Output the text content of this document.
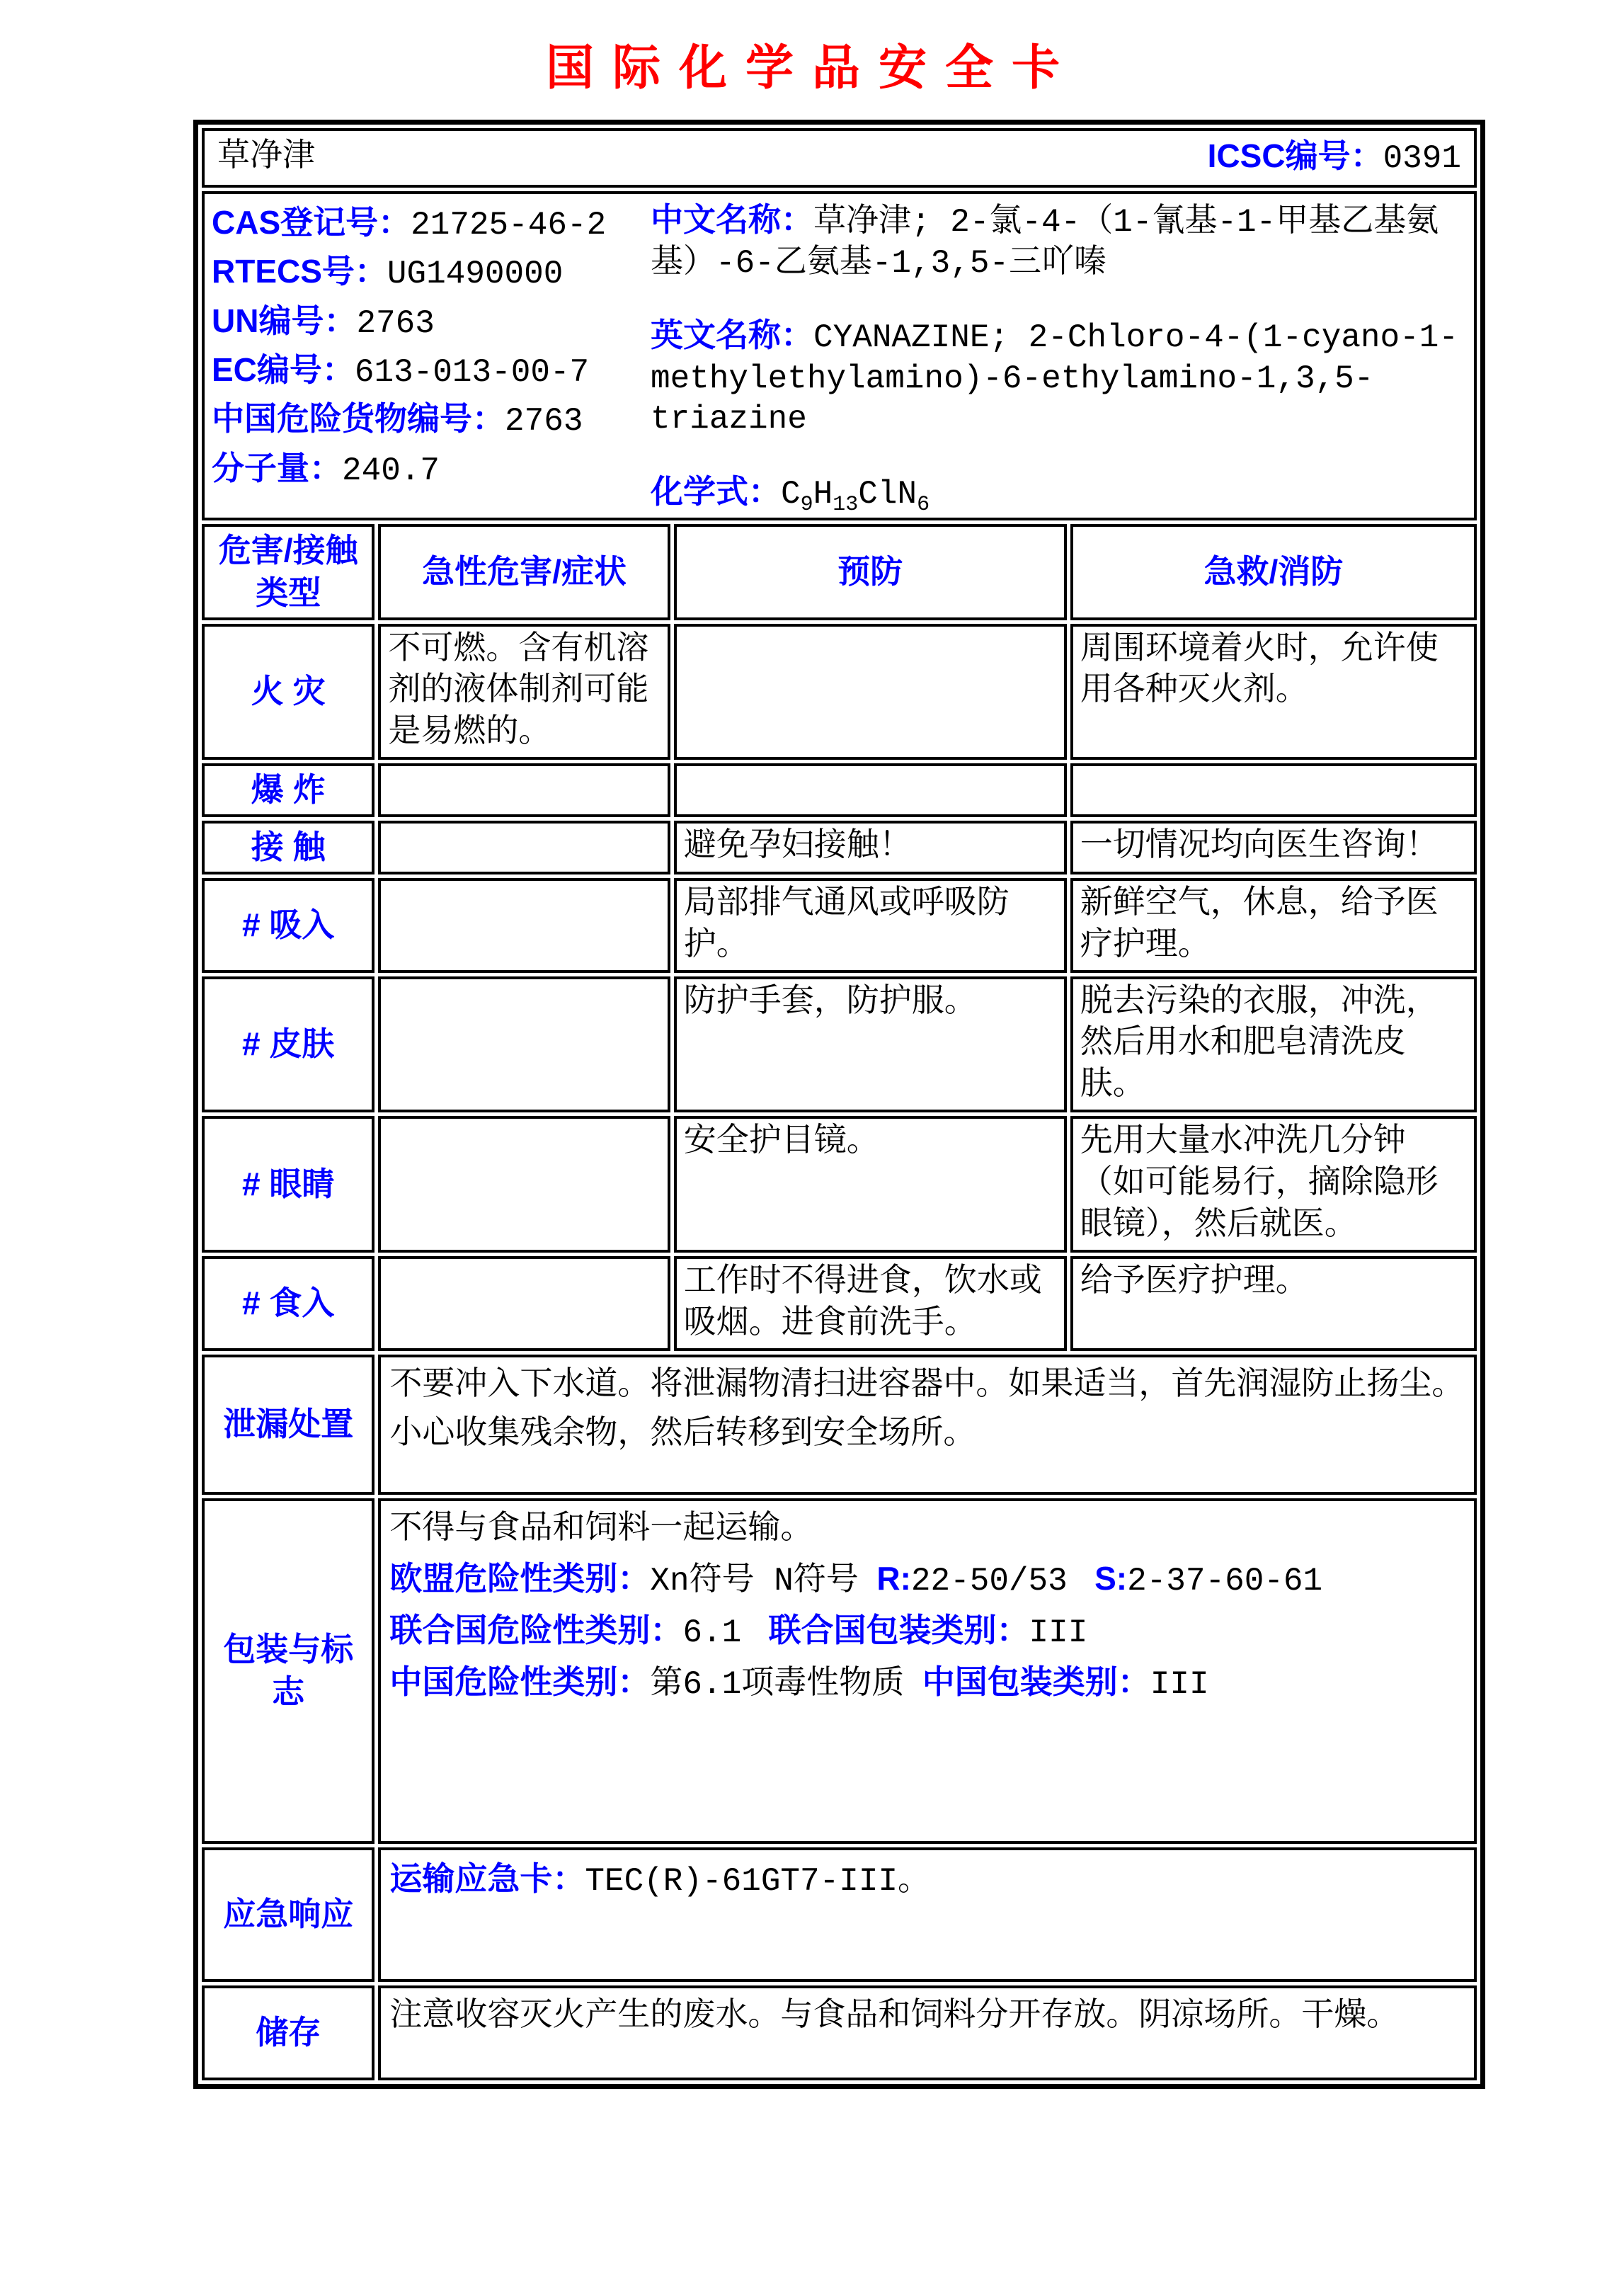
国际化学品安全卡
草净津 ICSC编号：0391			

CAS登记号：21725-46-2
RTECS号：UG1490000
UN编号：2763
EC编号：613-013-00-7
中国危险货物编号：2763
分子量：240.7

中文名称：草净津; 2-氯-4-（1-氰基-1-甲基乙基氨基）-6-乙氨基-1,3,5-三吖嗪

英文名称：CYANAZINE; 2-Chloro-4-(1-cyano-1-methylethylamino)-6-ethylamino-1,3,5-triazine

化学式：$C_9H_{13}ClN_6$

危害/接触类型	急性危害/症状	预防	急救/消防
火 灾	不可燃。含有机溶剂的液体制剂可能是易燃的。		周围环境着火时，允许使用各种灭火剂。

爆 炸			
接 触		避免孕妇接触！	一切情况均向医生咨询！

# 吸入		局部排气通风或呼吸防护。	新鲜空气，休息，给予医疗护理。

# 皮肤		防护手套，防护服。	脱去污染的衣服，冲洗，然后用水和肥皂清洗皮肤。

# 眼睛		安全护目镜。	先用大量水冲洗几分钟（如可能易行，摘除隐形眼镜），然后就医。

# 食入		工作时不得进食，饮水或吸烟。进食前洗手。	给予医疗护理。

泄漏处置	不要冲入下水道。将泄漏物清扫进容器中。如果适当，首先润湿防止扬尘。小心收集残余物，然后转移到安全场所。		

包装与标志	不得与食品和饲料一起运输。
欧盟危险性类别：Xn符号 N符号  R:22-50/53   S:2-37-60-61
联合国危险性类别：6.1   联合国包装类别：III
中国危险性类别：第6.1项毒性物质  中国包装类别：III		

应急响应	运输应急卡：TEC(R)-61GT7-III。		

储存	注意收容灭火产生的废水。与食品和饲料分开存放。阴凉场所。干燥。		
